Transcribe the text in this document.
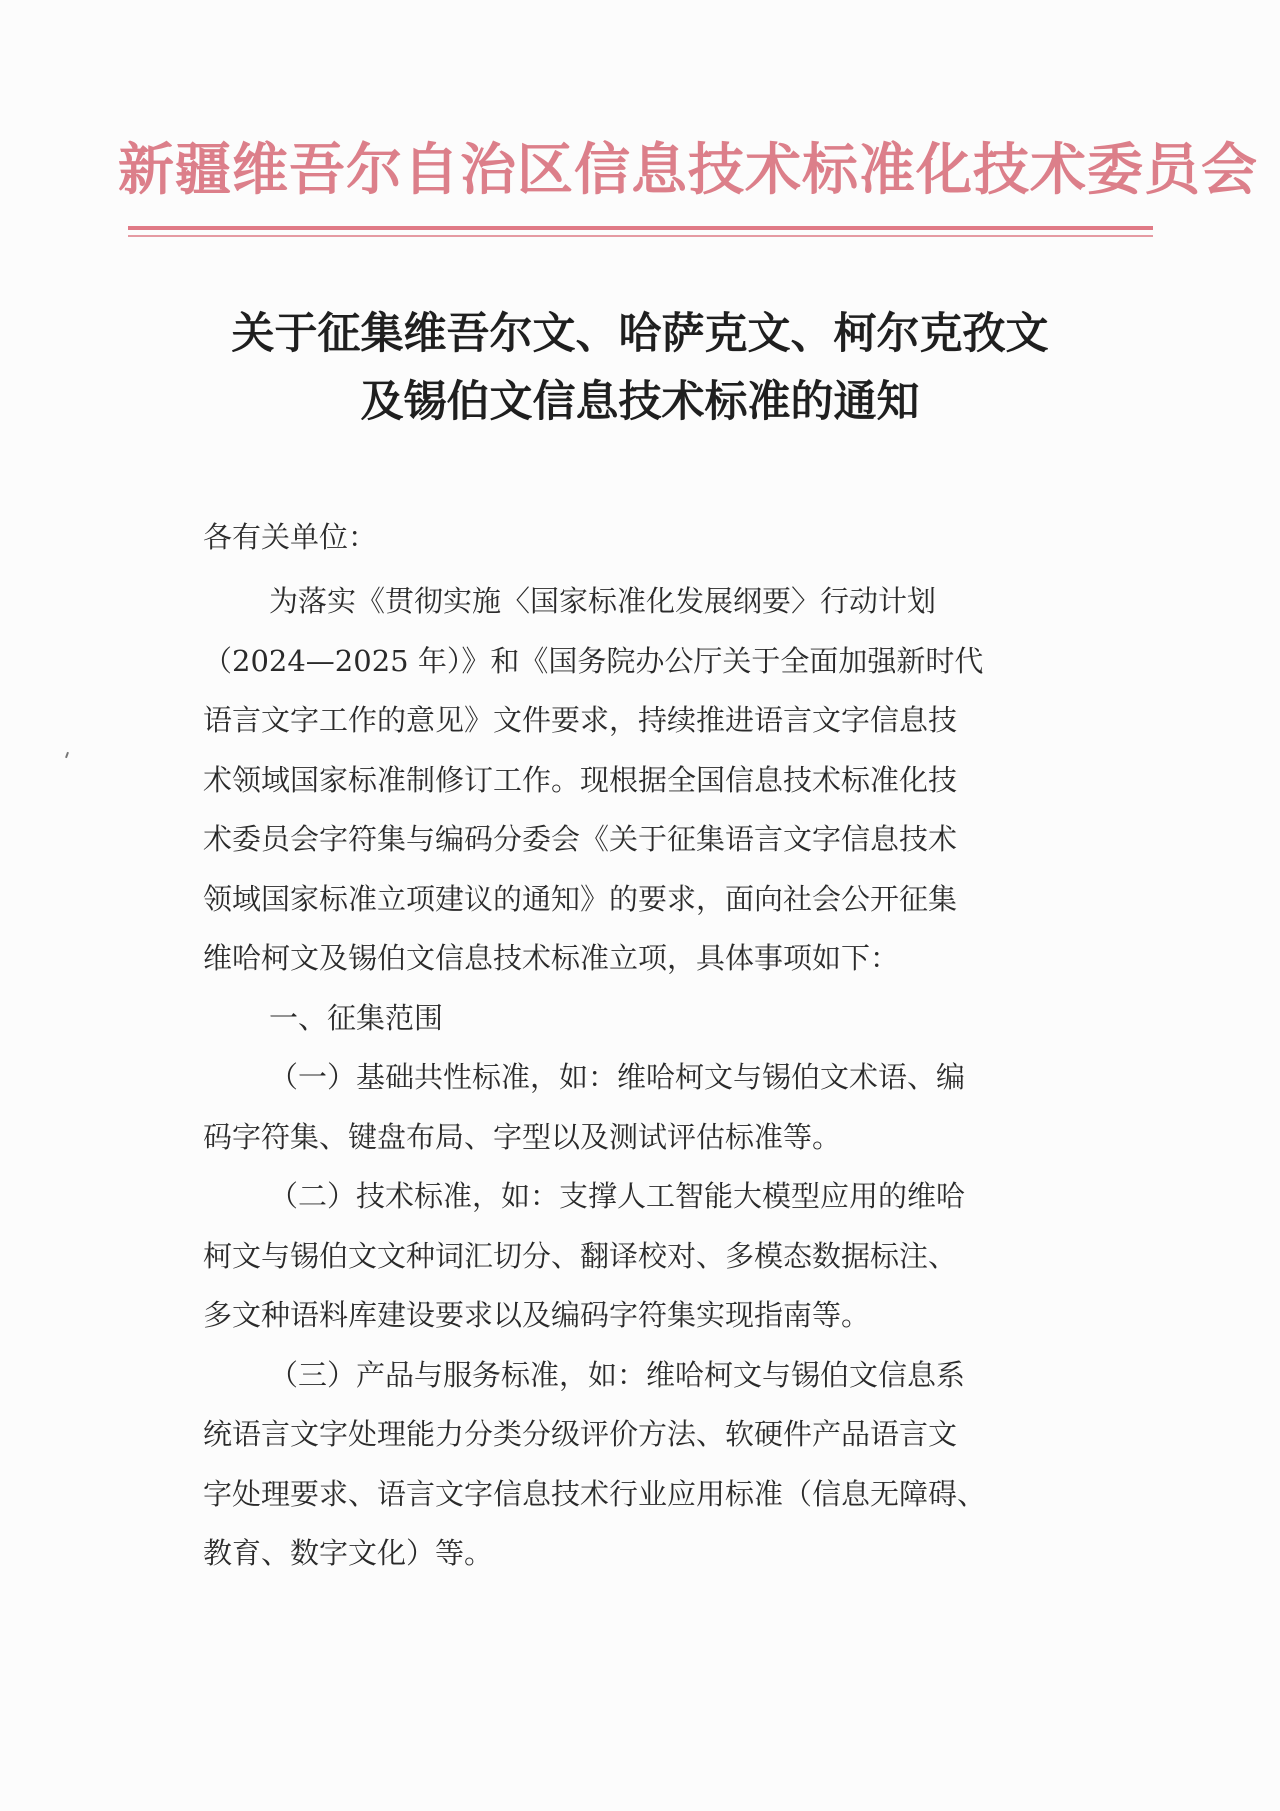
新疆维吾尔自治区信息技术标准化技术委员会
关于征集维吾尔文、哈萨克文、柯尔克孜文
及锡伯文信息技术标准的通知
各有关单位：
为落实《贯彻实施〈国家标准化发展纲要〉行动计划
（2024—2025 年）》和《国务院办公厅关于全面加强新时代
语言文字工作的意见》文件要求，持续推进语言文字信息技
术领域国家标准制修订工作。现根据全国信息技术标准化技
术委员会字符集与编码分委会《关于征集语言文字信息技术
领域国家标准立项建议的通知》的要求，面向社会公开征集
维哈柯文及锡伯文信息技术标准立项，具体事项如下：
一、征集范围
（一）基础共性标准，如：维哈柯文与锡伯文术语、编
码字符集、键盘布局、字型以及测试评估标准等。
（二）技术标准，如：支撑人工智能大模型应用的维哈
柯文与锡伯文文种词汇切分、翻译校对、多模态数据标注、
多文种语料库建设要求以及编码字符集实现指南等。
（三）产品与服务标准，如：维哈柯文与锡伯文信息系
统语言文字处理能力分类分级评价方法、软硬件产品语言文
字处理要求、语言文字信息技术行业应用标准（信息无障碍、
教育、数字文化）等。
